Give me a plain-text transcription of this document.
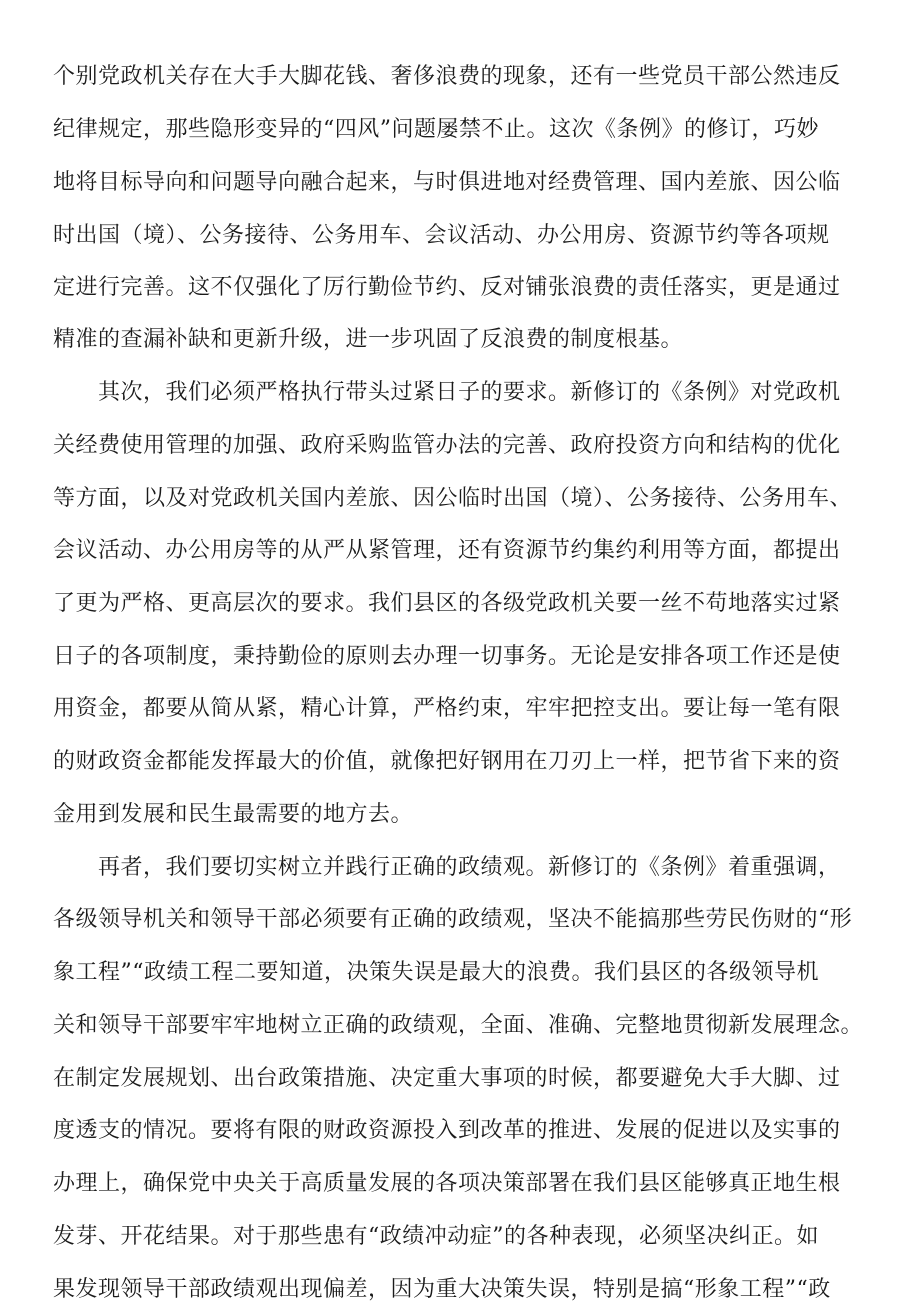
个别党政机关存在大手大脚花钱、奢侈浪费的现象，还有一些党员干部公然违反

纪律规定，那些隐形变异的“四风”问题屡禁不止。这次《条例》的修订，巧妙

地将目标导向和问题导向融合起来，与时俱进地对经费管理、国内差旅、因公临

时出国（境）、公务接待、公务用车、会议活动、办公用房、资源节约等各项规

定进行完善。这不仅强化了厉行勤俭节约、反对铺张浪费的责任落实，更是通过

精准的查漏补缺和更新升级，进一步巩固了反浪费的制度根基。

其次，我们必须严格执行带头过紧日子的要求。新修订的《条例》对党政机

关经费使用管理的加强、政府采购监管办法的完善、政府投资方向和结构的优化

等方面，以及对党政机关国内差旅、因公临时出国（境）、公务接待、公务用车、

会议活动、办公用房等的从严从紧管理，还有资源节约集约利用等方面，都提出

了更为严格、更高层次的要求。我们县区的各级党政机关要一丝不苟地落实过紧

日子的各项制度，秉持勤俭的原则去办理一切事务。无论是安排各项工作还是使

用资金，都要从简从紧，精心计算，严格约束，牢牢把控支出。要让每一笔有限

的财政资金都能发挥最大的价值，就像把好钢用在刀刃上一样，把节省下来的资

金用到发展和民生最需要的地方去。

再者，我们要切实树立并践行正确的政绩观。新修订的《条例》着重强调，

各级领导机关和领导干部必须要有正确的政绩观，坚决不能搞那些劳民伤财的“形

象工程”“政绩工程二要知道，决策失误是最大的浪费。我们县区的各级领导机

关和领导干部要牢牢地树立正确的政绩观，全面、准确、完整地贯彻新发展理念。

在制定发展规划、出台政策措施、决定重大事项的时候，都要避免大手大脚、过

度透支的情况。要将有限的财政资源投入到改革的推进、发展的促进以及实事的

办理上，确保党中央关于高质量发展的各项决策部署在我们县区能够真正地生根

发芽、开花结果。对于那些患有“政绩冲动症”的各种表现，必须坚决纠正。如

果发现领导干部政绩观出现偏差，因为重大决策失误，特别是搞“形象工程”“政
